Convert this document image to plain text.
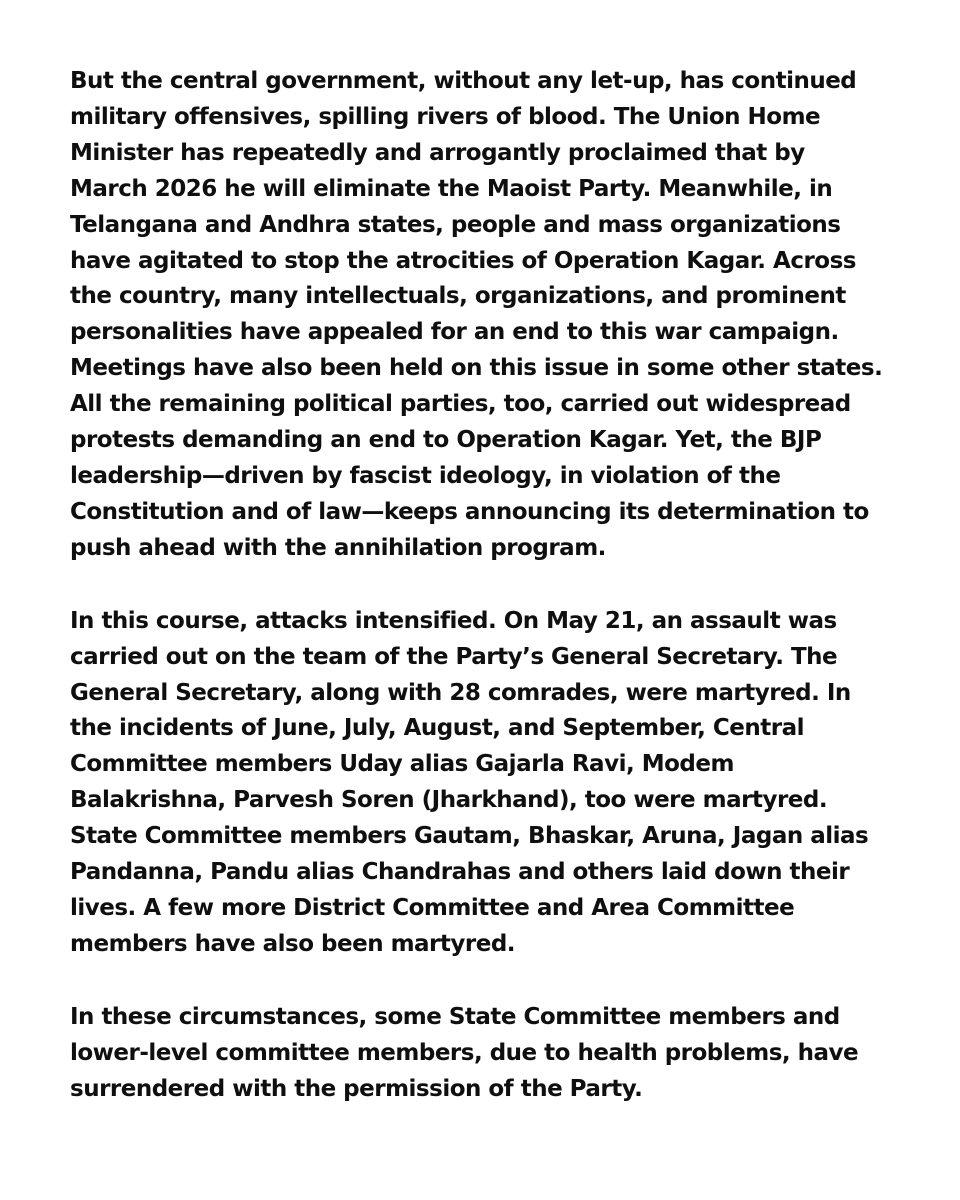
But the central government, without any let-up, has continued
military offensives, spilling rivers of blood. The Union Home
Minister has repeatedly and arrogantly proclaimed that by
March 2026 he will eliminate the Maoist Party. Meanwhile, in
Telangana and Andhra states, people and mass organizations
have agitated to stop the atrocities of Operation Kagar. Across
the country, many intellectuals, organizations, and prominent
personalities have appealed for an end to this war campaign.
Meetings have also been held on this issue in some other states.
All the remaining political parties, too, carried out widespread
protests demanding an end to Operation Kagar. Yet, the BJP
leadership—driven by fascist ideology, in violation of the
Constitution and of law—keeps announcing its determination to
push ahead with the annihilation program.
In this course, attacks intensified. On May 21, an assault was
carried out on the team of the Party’s General Secretary. The
General Secretary, along with 28 comrades, were martyred. In
the incidents of June, July, August, and September, Central
Committee members Uday alias Gajarla Ravi, Modem
Balakrishna, Parvesh Soren (Jharkhand), too were martyred.
State Committee members Gautam, Bhaskar, Aruna, Jagan alias
Pandanna, Pandu alias Chandrahas and others laid down their
lives. A few more District Committee and Area Committee
members have also been martyred.
In these circumstances, some State Committee members and
lower-level committee members, due to health problems, have
surrendered with the permission of the Party.
